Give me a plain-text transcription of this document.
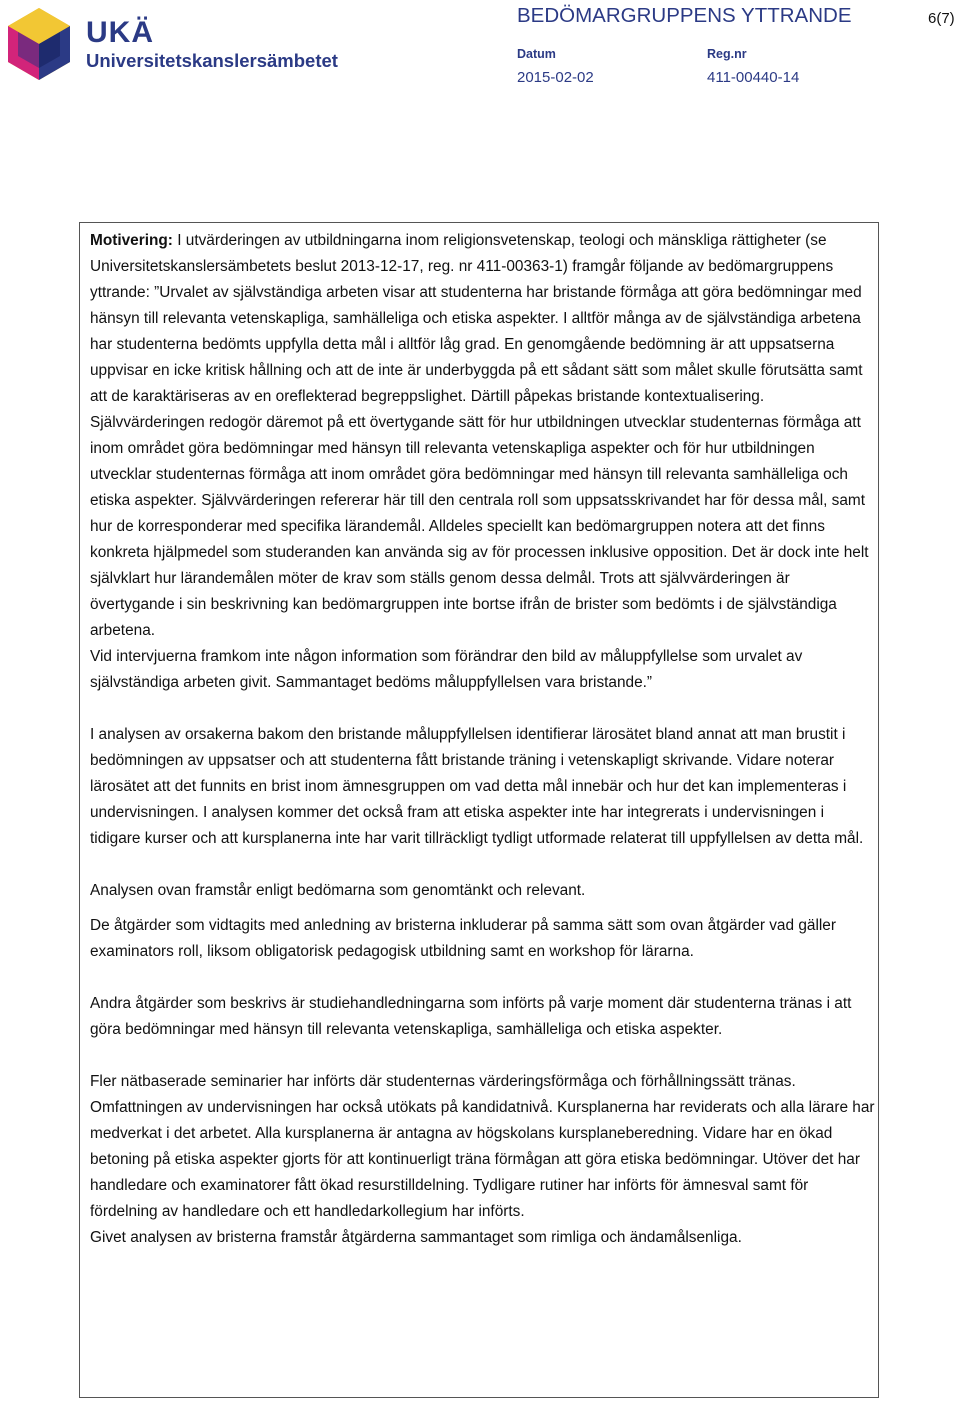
UKÄ
Universitetskanslersämbetet
BEDÖMARGRUPPENS YTTRANDE	6(7)
Datum	Reg.nr
2015-02-02	411-00440-14

Motivering: I utvärderingen av utbildningarna inom religionsvetenskap, teologi och mänskliga rättigheter (se Universitetskanslersämbetets beslut 2013-12-17, reg. nr 411-00363-1) framgår följande av bedömargruppens yttrande: ”Urvalet av självständiga arbeten visar att studenterna har bristande förmåga att göra bedömningar med hänsyn till relevanta vetenskapliga, samhälleliga och etiska aspekter. I alltför många av de självständiga arbetena har studenterna bedömts uppfylla detta mål i alltför låg grad. En genomgående bedömning är att uppsatserna uppvisar en icke kritisk hållning och att de inte är underbyggda på ett sådant sätt som målet skulle förutsätta samt att de karaktäriseras av en oreflekterad begreppslighet. Därtill påpekas bristande kontextualisering.

Självvärderingen redogör däremot på ett övertygande sätt för hur utbildningen utvecklar studenternas förmåga att inom området göra bedömningar med hänsyn till relevanta vetenskapliga aspekter och för hur utbildningen utvecklar studenternas förmåga att inom området göra bedömningar med hänsyn till relevanta samhälleliga och etiska aspekter. Självvärderingen refererar här till den centrala roll som uppsatsskrivandet har för dessa mål, samt hur de korresponderar med specifika lärandemål. Alldeles speciellt kan bedömargruppen notera att det finns konkreta hjälpmedel som studeranden kan använda sig av för processen inklusive opposition. Det är dock inte helt självklart hur lärandemålen möter de krav som ställs genom dessa delmål. Trots att självvärderingen är övertygande i sin beskrivning kan bedömargruppen inte bortse ifrån de brister som bedömts i de självständiga arbetena.

Vid intervjuerna framkom inte någon information som förändrar den bild av måluppfyllelse som urvalet av självständiga arbeten givit. Sammantaget bedöms måluppfyllelsen vara bristande.”

I analysen av orsakerna bakom den bristande måluppfyllelsen identifierar lärosätet bland annat att man brustit i bedömningen av uppsatser och att studenterna fått bristande träning i vetenskapligt skrivande. Vidare noterar lärosätet att det funnits en brist inom ämnesgruppen om vad detta mål innebär och hur det kan implementeras i undervisningen. I analysen kommer det också fram att etiska aspekter inte har integrerats i undervisningen i tidigare kurser och att kursplanerna inte har varit tillräckligt tydligt utformade relaterat till uppfyllelsen av detta mål.

Analysen ovan framstår enligt bedömarna som genomtänkt och relevant.

De åtgärder som vidtagits med anledning av bristerna inkluderar på samma sätt som ovan åtgärder vad gäller examinators roll, liksom obligatorisk pedagogisk utbildning samt en workshop för lärarna.

Andra åtgärder som beskrivs är studiehandledningarna som införts på varje moment där studenterna tränas i att göra bedömningar med hänsyn till relevanta vetenskapliga, samhälleliga och etiska aspekter.

Fler nätbaserade seminarier har införts där studenternas värderingsförmåga och förhållningssätt tränas. Omfattningen av undervisningen har också utökats på kandidatnivå. Kursplanerna har reviderats och alla lärare har medverkat i det arbetet. Alla kursplanerna är antagna av högskolans kursplaneberedning. Vidare har en ökad betoning på etiska aspekter gjorts för att kontinuerligt träna förmågan att göra etiska bedömningar. Utöver det har handledare och examinatorer fått ökad resurstilldelning. Tydligare rutiner har införts för ämnesval samt för fördelning av handledare och ett handledarkollegium har införts.

Givet analysen av bristerna framstår åtgärderna sammantaget som rimliga och ändamålsenliga.
